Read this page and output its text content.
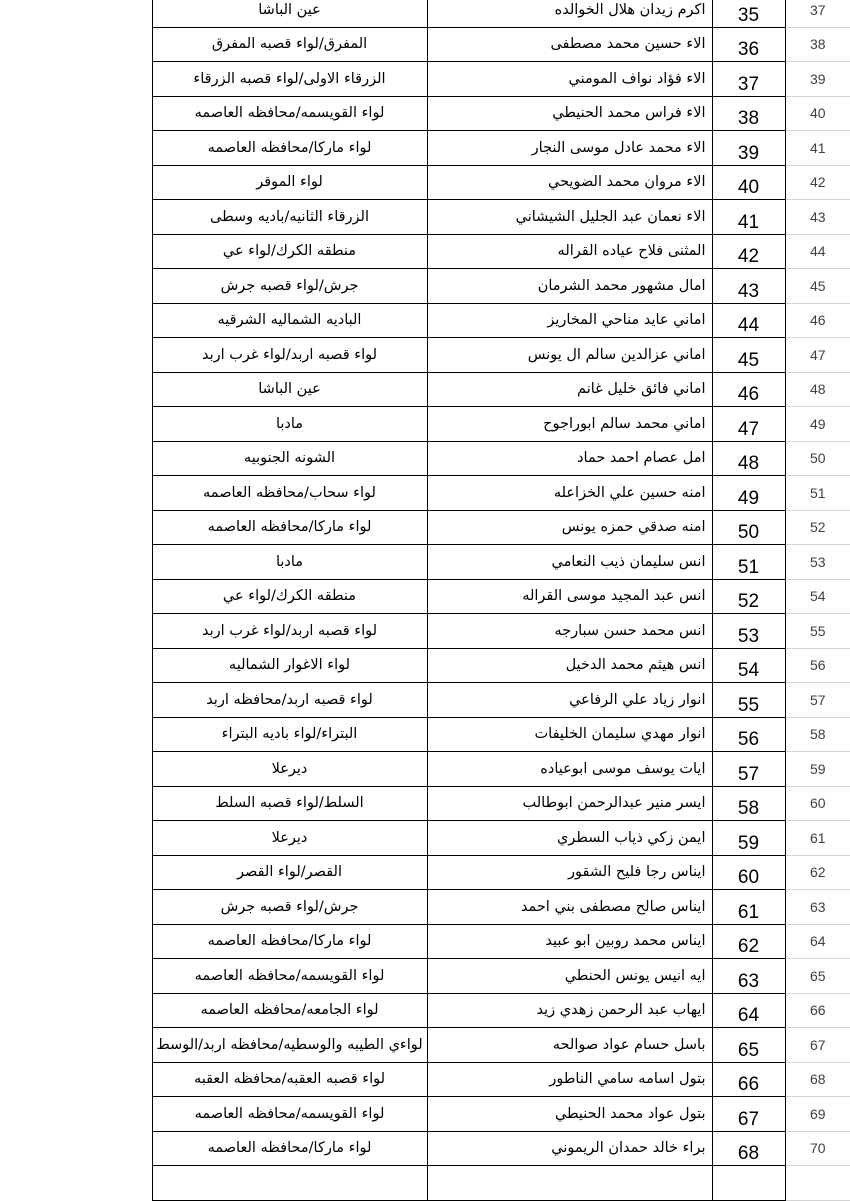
	عين الباشا	اكرم زيدان هلال الخوالده	35	37
	المفرق/لواء قصبه المفرق	الاء حسين محمد مصطفى	36	38
	الزرقاء الاولى/لواء قصبه الزرقاء	الاء فؤاد نواف المومني	37	39
	لواء القويسمه/محافظه العاصمه	الاء فراس محمد الحنيطي	38	40
	لواء ماركا/محافظه العاصمه	الاء محمد عادل موسى النجار	39	41
	لواء الموقر	الاء مروان محمد الضويحي	40	42
	الزرقاء الثانيه/باديه وسطى	الاء نعمان عبد الجليل الشيشاني	41	43
	منطقه الكرك/لواء عي	المثنى فلاح عياده القراله	42	44
	جرش/لواء قصبه جرش	امال مشهور محمد الشرمان	43	45
	الباديه الشماليه الشرقيه	اماني عايد مناحي المخاريز	44	46
	لواء قصبه اربد/لواء غرب اربد	اماني عزالدين سالم ال يونس	45	47
	عين الباشا	اماني فائق خليل غانم	46	48
	مادبا	اماني محمد سالم ابوراجوح	47	49
	الشونه الجنوبيه	امل عصام احمد حماد	48	50
	لواء سحاب/محافظه العاصمه	امنه حسين علي الخزاعله	49	51
	لواء ماركا/محافظه العاصمه	امنه صدقي حمزه يونس	50	52
	مادبا	انس سليمان ذيب النعامي	51	53
	منطقه الكرك/لواء عي	انس عبد المجيد موسى القراله	52	54
	لواء قصبه اربد/لواء غرب اربد	انس محمد حسن سبارجه	53	55
	لواء الاغوار الشماليه	انس هيثم محمد الدخيل	54	56
	لواء قصبه اربد/محافظه اربد	انوار زياد علي الرفاعي	55	57
	البتراء/لواء باديه البتراء	انوار مهدي سليمان الخليفات	56	58
	ديرعلا	ايات يوسف موسى ابوعياده	57	59
	السلط/لواء قصبه السلط	ايسر منير عبدالرحمن ابوطالب	58	60
	ديرعلا	ايمن زكي ذياب السطري	59	61
	القصر/لواء القصر	ايناس رجا فليح الشقور	60	62
	جرش/لواء قصبه جرش	ايناس صالح مصطفى بني احمد	61	63
	لواء ماركا/محافظه العاصمه	ايناس محمد روبين ابو عبيد	62	64
	لواء القويسمه/محافظه العاصمه	ايه انيس يونس الحنطي	63	65
	لواء الجامعه/محافظه العاصمه	ايهاب عبد الرحمن زهدي زيد	64	66
	لواءي الطيبه والوسطيه/محافظه اربد/الوسط	باسل حسام عواد صوالحه	65	67
	لواء قصبه العقبه/محافظه العقبه	بتول اسامه سامي الناطور	66	68
	لواء القويسمه/محافظه العاصمه	بتول عواد محمد الحنيطي	67	69
	لواء ماركا/محافظه العاصمه	براء خالد حمدان الريموني	68	70
